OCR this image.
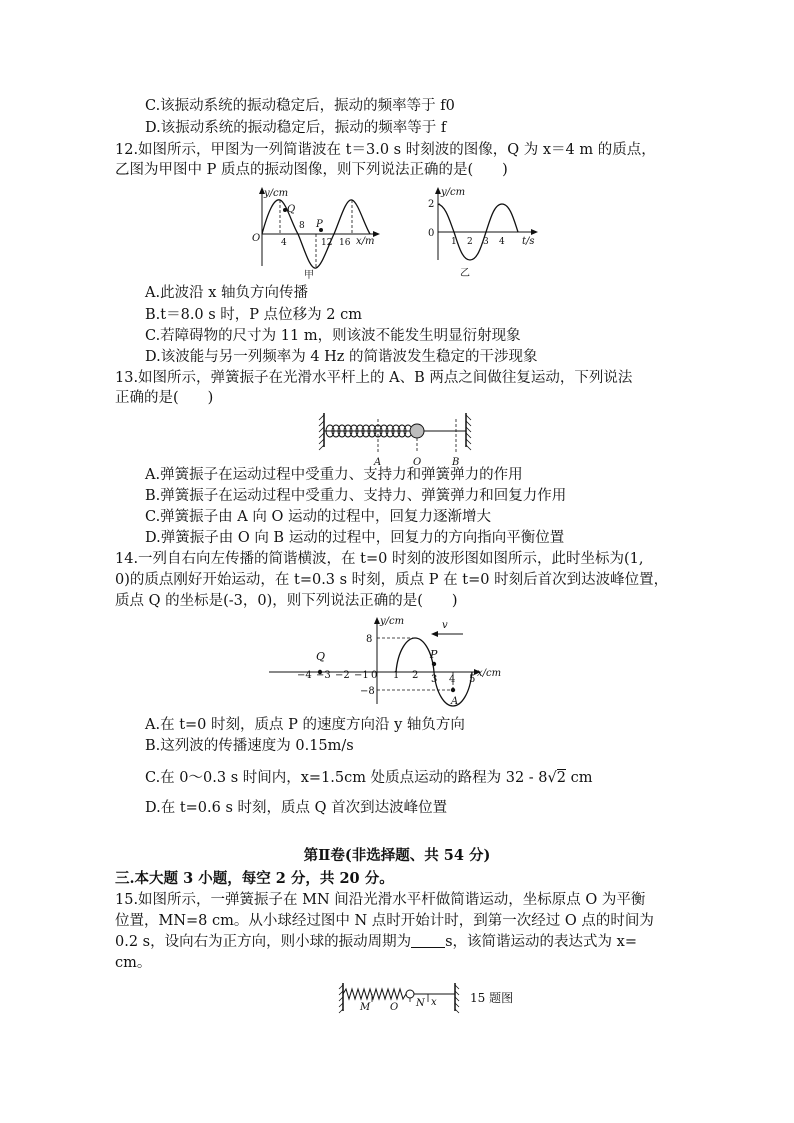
C.该振动系统的振动稳定后，振动的频率等于 f0
D.该振动系统的振动稳定后，振动的频率等于 f
12.如图所示，甲图为一列简谐波在 t＝3.0 s 时刻波的图像，Q 为 x＝4 m 的质点，
乙图为甲图中 P 质点的振动图像，则下列说法正确的是(　　)
y/cm
x/m
O
Q
P
4
8
12 16
甲
y/cm
t/s
2
0
1 2 3 4
乙
A.此波沿 x 轴负方向传播
B.t＝8.0 s 时，P 点位移为 2 cm
C.若障碍物的尺寸为 11 m，则该波不能发生明显衍射现象
D.该波能与另一列频率为 4 Hz 的简谐波发生稳定的干涉现象
13.如图所示，弹簧振子在光滑水平杆上的 A、B 两点之间做往复运动，下列说法
正确的是(　　)
A	O	B
A.弹簧振子在运动过程中受重力、支持力和弹簧弹力的作用
B.弹簧振子在运动过程中受重力、支持力、弹簧弹力和回复力作用
C.弹簧振子由 A 向 O 运动的过程中，回复力逐渐增大
D.弹簧振子由 O 向 B 运动的过程中，回复力的方向指向平衡位置
14.一列自右向左传播的简谐横波，在 t=0 时刻的波形图如图所示，此时坐标为(1,
0)的质点刚好开始运动，在 t=0.3 s 时刻，质点 P 在 t=0 时刻后首次到达波峰位置，
质点 Q 的坐标是(-3，0)，则下列说法正确的是(　　)
y/cm
x/cm
8
−8
v
Q	P
A
−4 −3 −2 −1 0 1 2 3 4 5
A.在 t=0 时刻，质点 P 的速度方向沿 y 轴负方向
B.这列波的传播速度为 0.15m/s
C.在 0～0.3 s 时间内，x=1.5cm 处质点运动的路程为 32 - 8√2 cm
D.在 t=0.6 s 时刻，质点 Q 首次到达波峰位置
第Ⅱ卷(非选择题、共 54 分)
三.本大题 3 小题，每空 2 分，共 20 分。
15.如图所示，一弹簧振子在 MN 间沿光滑水平杆做简谐运动，坐标原点 O 为平衡
位置，MN=8 cm。从小球经过图中 N 点时开始计时，到第一次经过 O 点的时间为
0.2 s，设向右为正方向，则小球的振动周期为 s，该简谐运动的表达式为 x=
cm。
M O N x	15 题图
